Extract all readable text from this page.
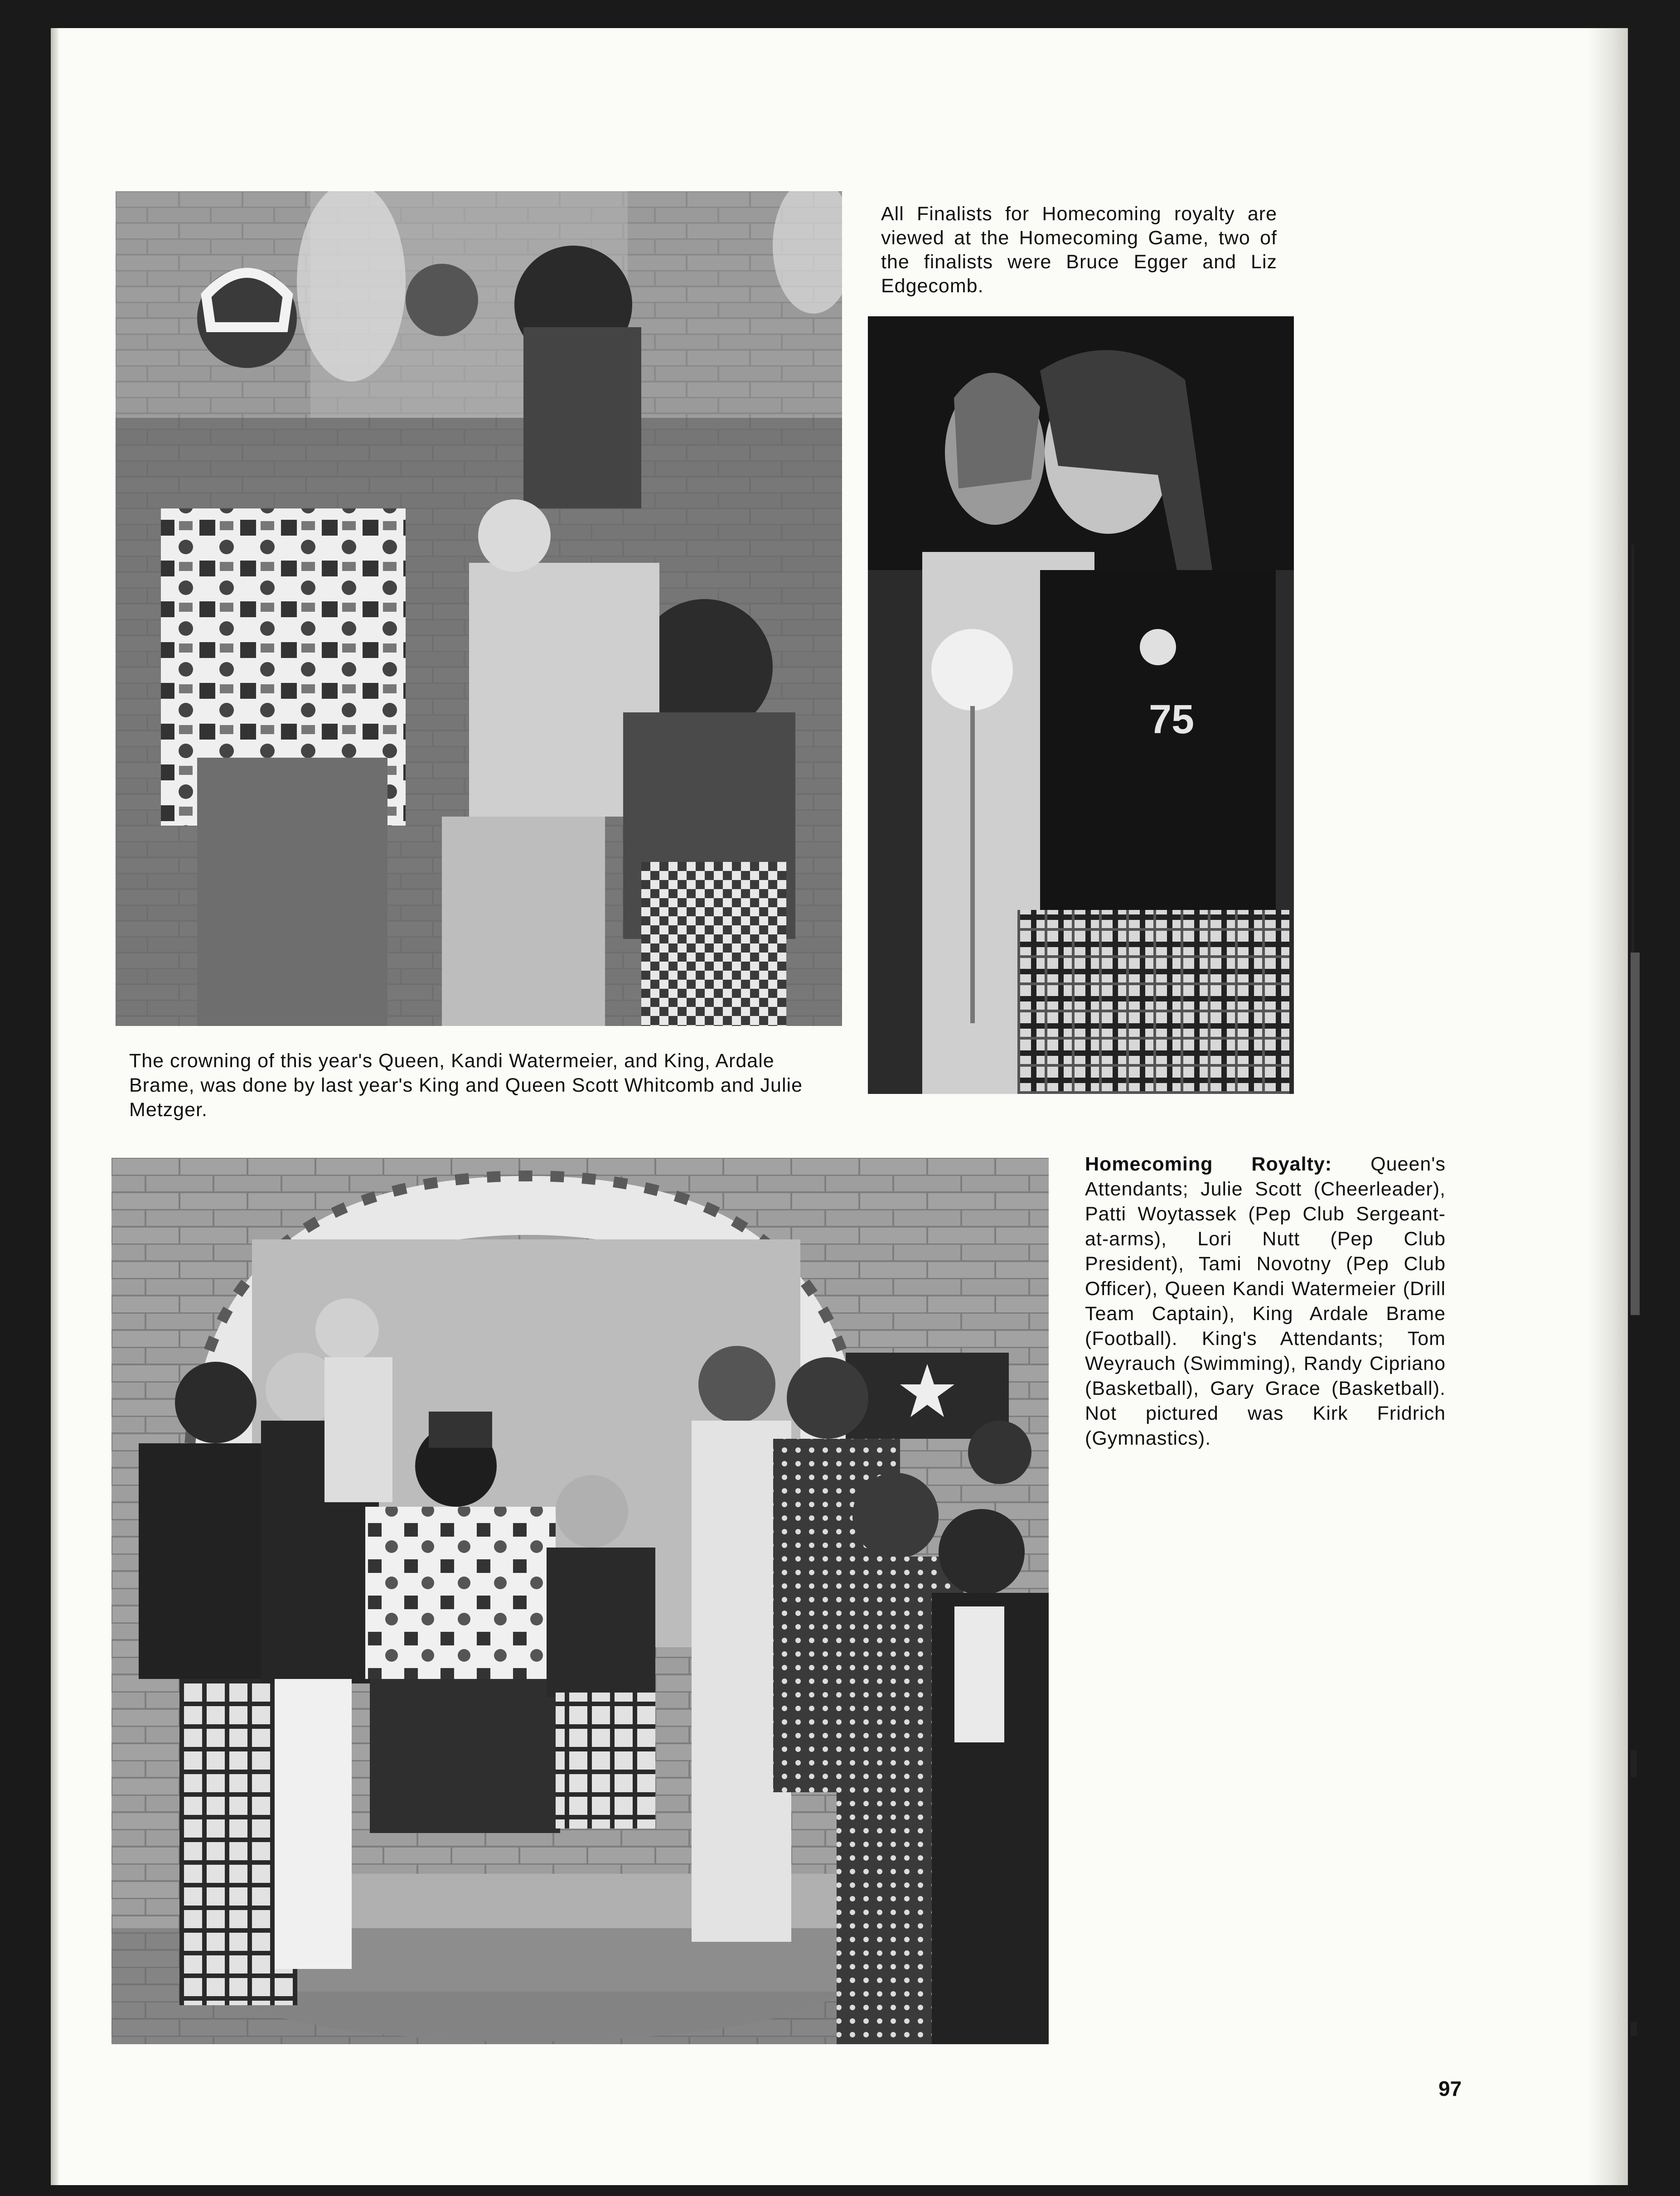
75
All Finalists for Homecoming royalty are viewed at the Homecoming Game, two of the finalists were Bruce Egger and Liz Edgecomb.
The crowning of this year's Queen, Kandi Watermeier, and King, Ardale Brame, was done by last year's King and Queen Scott Whitcomb and Julie Metzger.
Homecoming Royalty: Queen's Attendants; Julie Scott (Cheerleader), Patti Woytassek (Pep Club Sergeant-at-arms), Lori Nutt (Pep Club President), Tami Novotny (Pep Club Officer), Queen Kandi Watermeier (Drill Team Captain), King Ardale Brame (Football). King's Attendants; Tom Weyrauch (Swimming), Randy Cipriano (Basketball), Gary Grace (Basketball). Not pictured was Kirk Fridrich (Gymnastics).
97
